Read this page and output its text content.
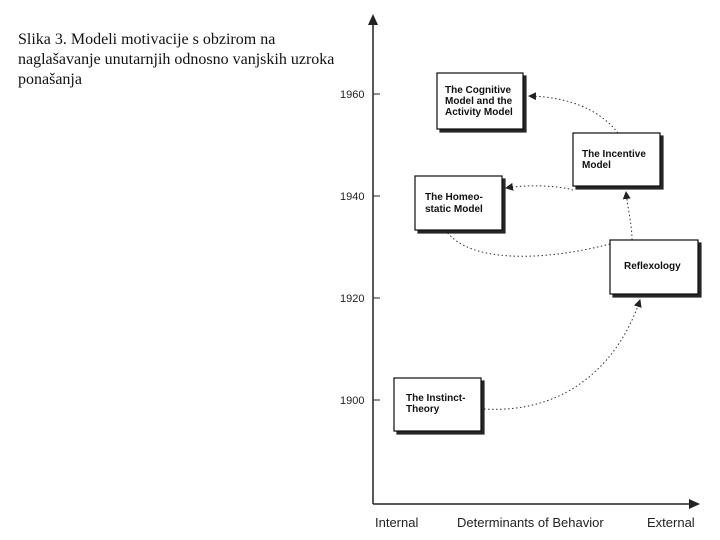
Slika 3. Modeli motivacije s obzirom na naglašavanje unutarnjih odnosno vanjskih uzroka ponašanja
1960
1940
1920
1900
Internal	Determinants of Behavior	External
The Cognitive
Model and the
Activity Model
The Incentive
Model
The Homeo-
static Model
Reflexology
The Instinct-
Theory
